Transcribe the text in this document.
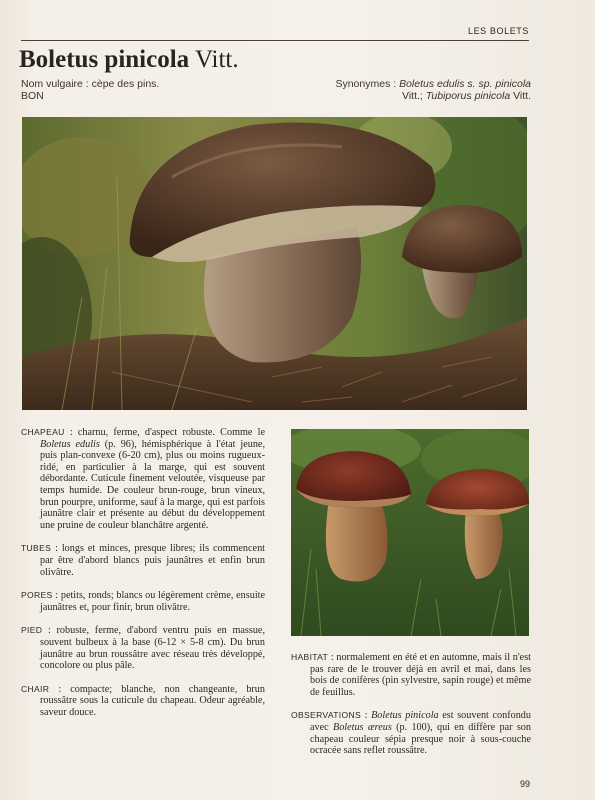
LES BOLETS
Boletus pinicola Vitt.
Nom vulgaire : cèpe des pins.
BON
Synonymes : Boletus edulis s. sp. pinicola
Vitt.; Tubiporus pinicola Vitt.

CHAPEAU : charnu, ferme, d'aspect robuste. Comme le Boletus edulis (p. 96), hémisphérique à l'état jeune, puis plan-convexe (6-20 cm), plus ou moins rugueux-ridé, en particulier à la marge, qui est souvent débordante. Cuticule finement veloutée, visqueuse par temps humide. De couleur brun-rouge, brun vineux, brun pourpre, uniforme, sauf à la marge, qui est parfois jaunâtre clair et présente au début du développement une pruine de couleur blanchâtre argenté.

TUBES : longs et minces, presque libres; ils commencent par être d'abord blancs puis jaunâtres et enfin brun olivâtre.

PORES : petits, ronds; blancs ou légèrement crème, ensuite jaunâtres et, pour finir, brun olivâtre.

PIED : robuste, ferme, d'abord ventru puis en massue, souvent bulbeux à la base (6-12 × 5-8 cm). Du brun jaunâtre au brun roussâtre avec réseau très développé, concolore ou plus pâle.

CHAIR : compacte; blanche, non changeante, brun roussâtre sous la cuticule du chapeau. Odeur agréable, saveur douce.

HABITAT : normalement en été et en automne, mais il n'est pas rare de le trouver déjà en avril et mai, dans les bois de conifères (pin sylvestre, sapin rouge) et même de feuillus.

OBSERVATIONS : Boletus pinicola est souvent confondu avec Boletus æreus (p. 100), qui en diffère par son chapeau couleur sépia presque noir à sous-couche ocracée sans reflet roussâtre.

99
